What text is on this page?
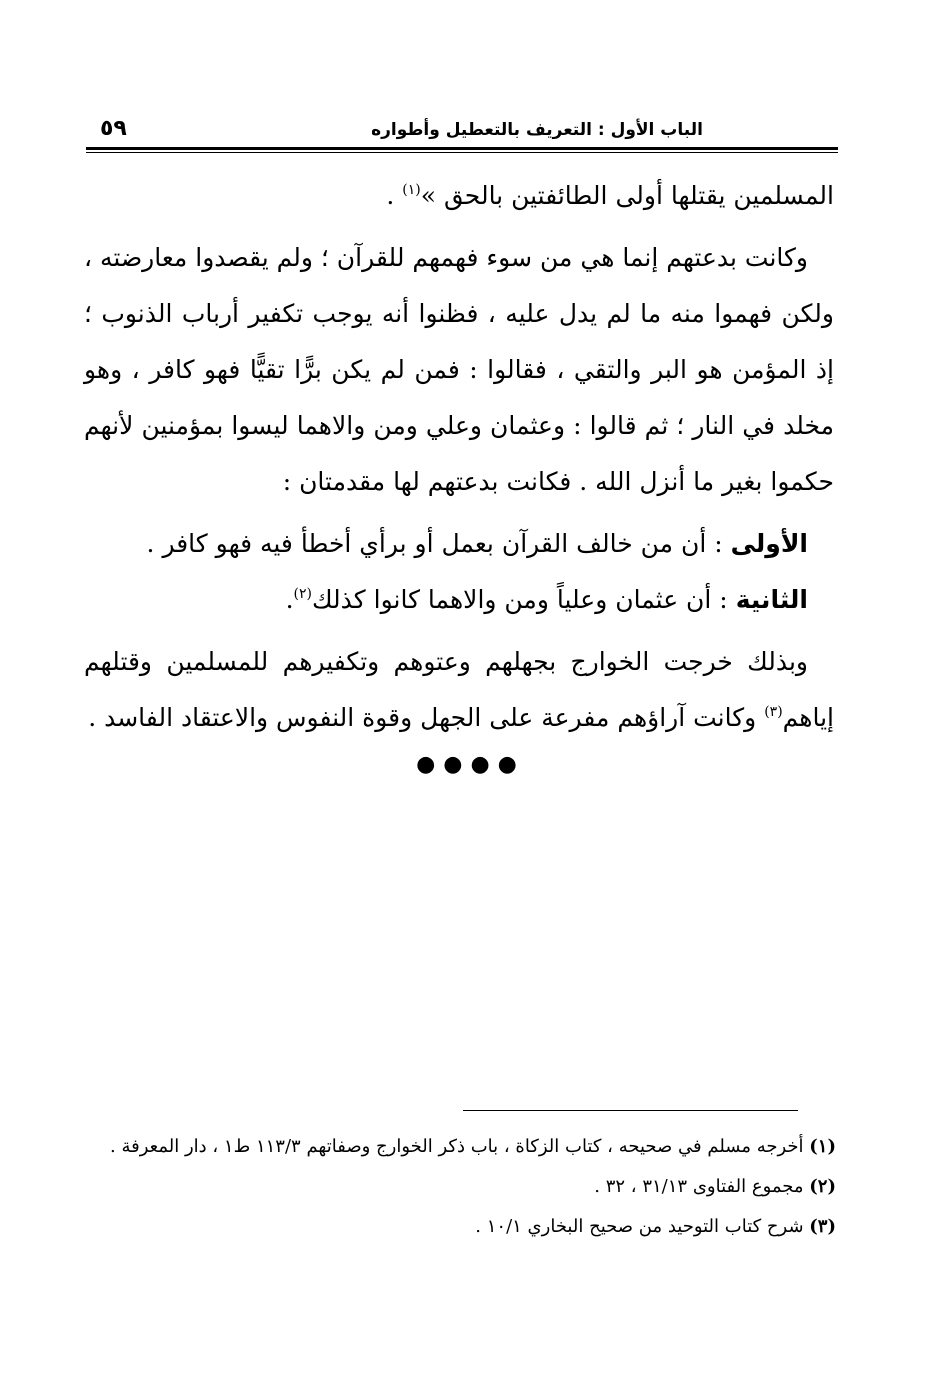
الباب الأول : التعريف بالتعطيل وأطواره
٥٩

المسلمين يقتلها أولى الطائفتين بالحق »$^{(١)}$ .

وكانت بدعتهم إنما هي من سوء فهمهم للقرآن ؛ ولم يقصدوا معارضته ، ولكن فهموا منه ما لم يدل عليه ، فظنوا أنه يوجب تكفير أرباب الذنوب ؛ إذ المؤمن هو البر والتقي ، فقالوا : فمن لم يكن برًّا تقيًّا فهو كافر ، وهو مخلد في النار ؛ ثم قالوا : وعثمان وعلي ومن والاهما ليسوا بمؤمنين لأنهم حكموا بغير ما أنزل الله . فكانت بدعتهم لها مقدمتان :

الأولى : أن من خالف القرآن بعمل أو برأي أخطأ فيه فهو كافر .

الثانية : أن عثمان وعلياً ومن والاهما كانوا كذلك$^{(٢)}$.

وبذلك خرجت الخوارج بجهلهم وعتوهم وتكفيرهم للمسلمين وقتلهم إياهم$^{(٣)}$ وكانت آراؤهم مفرعة على الجهل وقوة النفوس والاعتقاد الفاسد .

●●●●

(١) أخرجه مسلم في صحيحه ، كتاب الزكاة ، باب ذكر الخوارج وصفاتهم ١١٣/٣ ط١ ، دار المعرفة .

(٢) مجموع الفتاوى ٣١/١٣ ، ٣٢ .

(٣) شرح كتاب التوحيد من صحيح البخاري ١٠/١ .
